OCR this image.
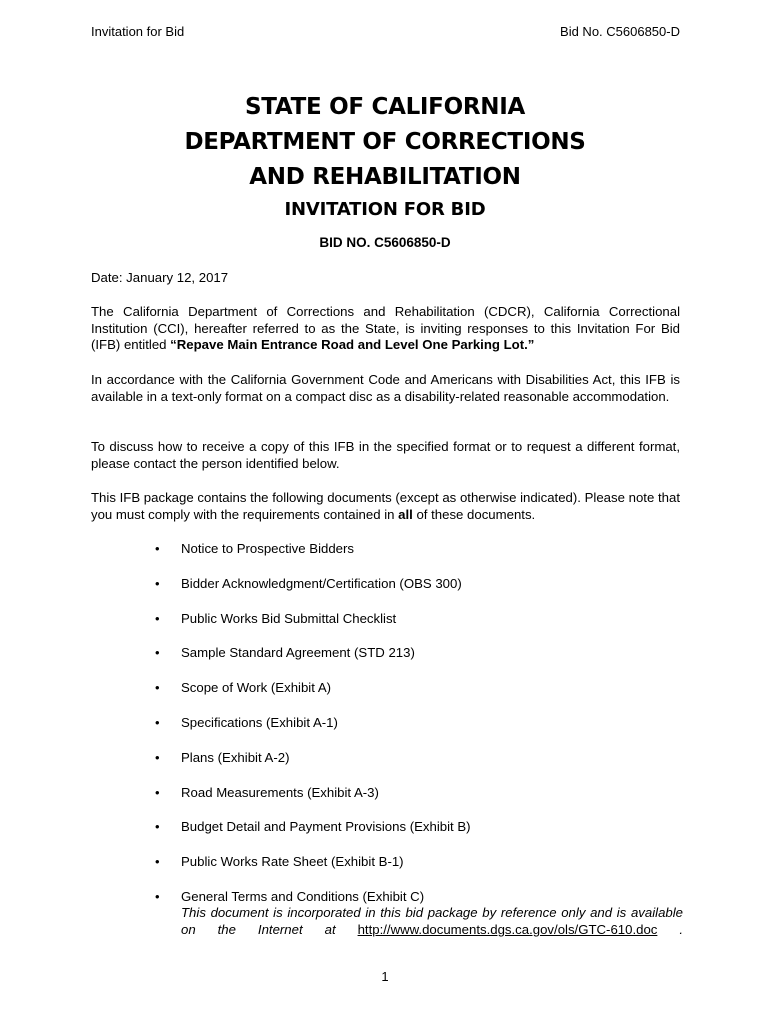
Invitation for Bid	Bid No. C5606850-D
STATE OF CALIFORNIA
DEPARTMENT OF CORRECTIONS
AND REHABILITATION
INVITATION FOR BID
BID NO. C5606850-D
Date: January 12, 2017
The California Department of Corrections and Rehabilitation (CDCR), California Correctional Institution (CCI), hereafter referred to as the State, is inviting responses to this Invitation For Bid (IFB) entitled “Repave Main Entrance Road and Level One Parking Lot.”
In accordance with the California Government Code and Americans with Disabilities Act, this IFB is available in a text-only format on a compact disc as a disability-related reasonable accommodation.
To discuss how to receive a copy of this IFB in the specified format or to request a different format, please contact the person identified below.
This IFB package contains the following documents (except as otherwise indicated). Please note that you must comply with the requirements contained in all of these documents.
• Notice to Prospective Bidders
• Bidder Acknowledgment/Certification (OBS 300)
• Public Works Bid Submittal Checklist
• Sample Standard Agreement (STD 213)
• Scope of Work (Exhibit A)
• Specifications (Exhibit A-1)
• Plans (Exhibit A-2)
• Road Measurements (Exhibit A-3)
• Budget Detail and Payment Provisions (Exhibit B)
• Public Works Rate Sheet (Exhibit B-1)
• General Terms and Conditions (Exhibit C)
This document is incorporated in this bid package by reference only and is available on the Internet at http://www.documents.dgs.ca.gov/ols/GTC-610.doc .
1
